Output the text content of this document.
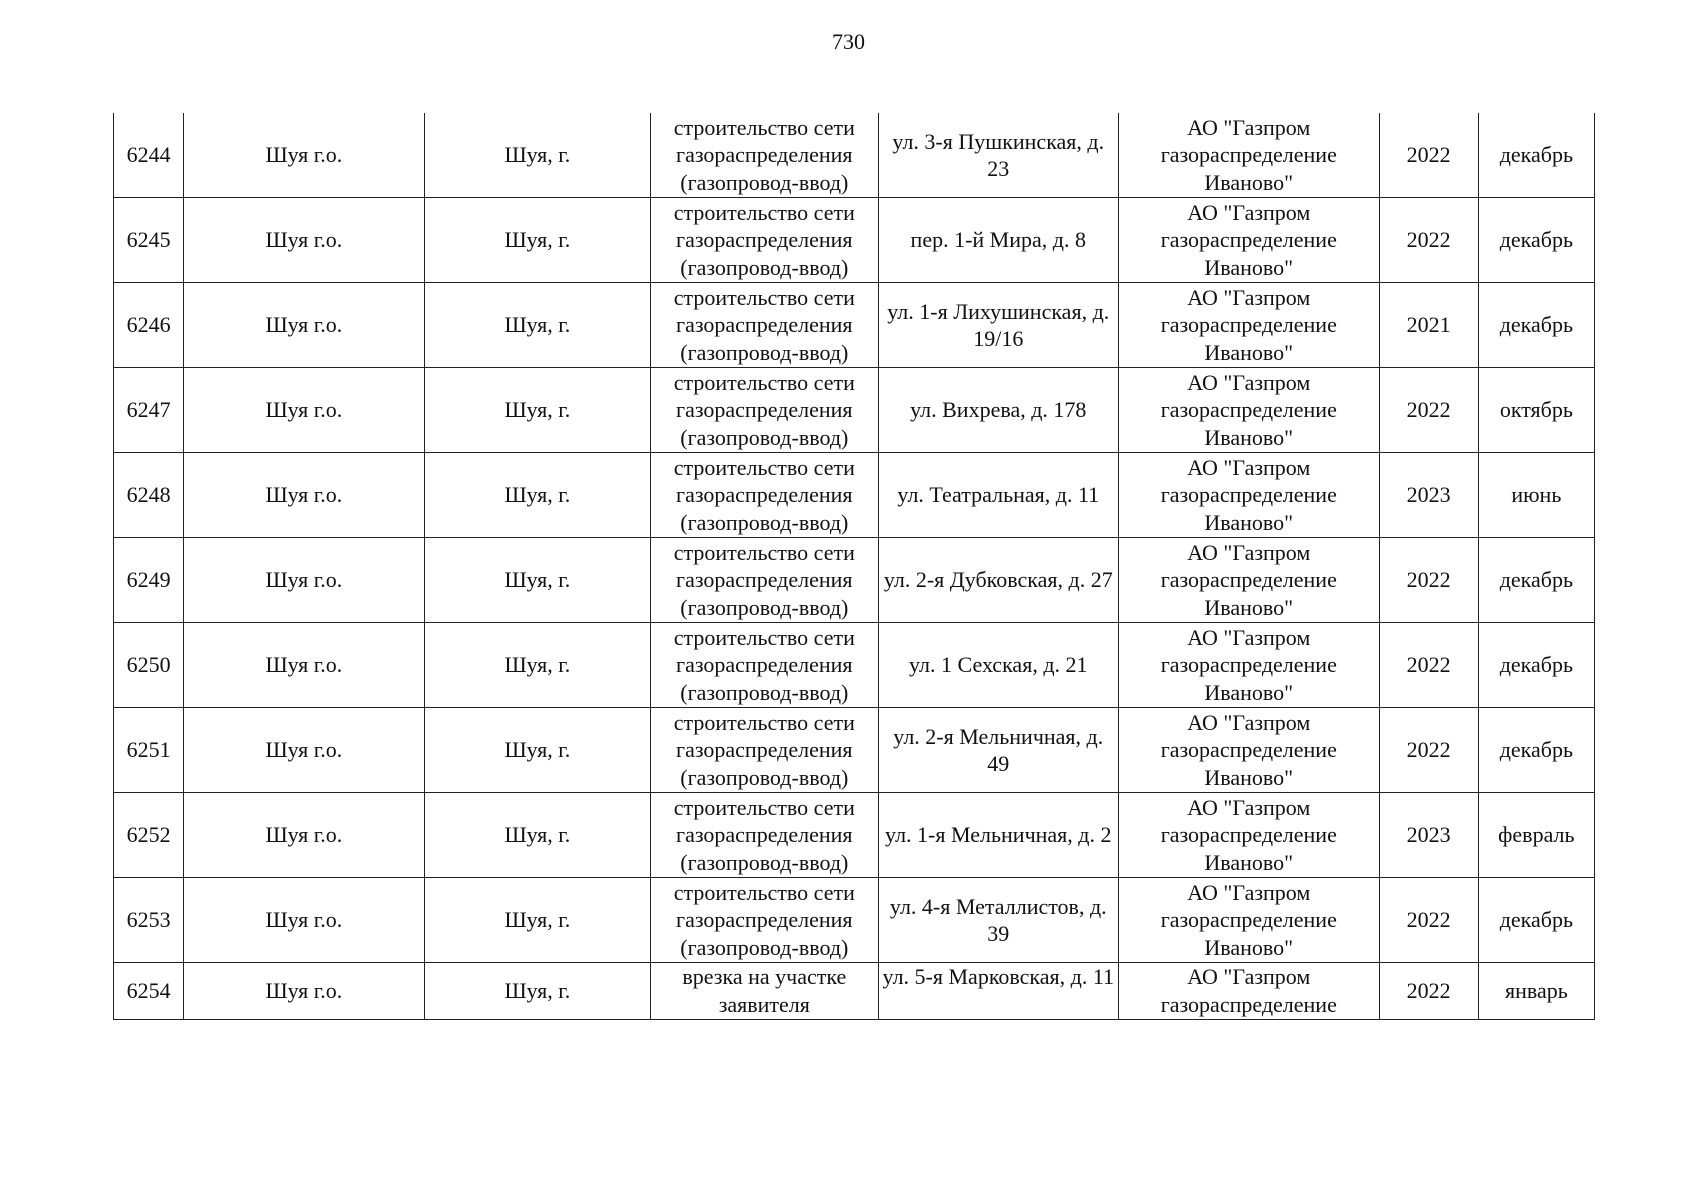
730
6244	Шуя г.о.	Шуя, г.	строительство сети газораспределения (газопровод-ввод)	ул. 3-я Пушкинская, д. 23	АО "Газпром газораспределение Иваново"	2022	декабрь
6245	Шуя г.о.	Шуя, г.	строительство сети газораспределения (газопровод-ввод)	пер. 1-й Мира, д. 8	АО "Газпром газораспределение Иваново"	2022	декабрь
6246	Шуя г.о.	Шуя, г.	строительство сети газораспределения (газопровод-ввод)	ул. 1-я Лихушинская, д. 19/16	АО "Газпром газораспределение Иваново"	2021	декабрь
6247	Шуя г.о.	Шуя, г.	строительство сети газораспределения (газопровод-ввод)	ул. Вихрева, д. 178	АО "Газпром газораспределение Иваново"	2022	октябрь
6248	Шуя г.о.	Шуя, г.	строительство сети газораспределения (газопровод-ввод)	ул. Театральная, д. 11	АО "Газпром газораспределение Иваново"	2023	июнь
6249	Шуя г.о.	Шуя, г.	строительство сети газораспределения (газопровод-ввод)	ул. 2-я Дубковская, д. 27	АО "Газпром газораспределение Иваново"	2022	декабрь
6250	Шуя г.о.	Шуя, г.	строительство сети газораспределения (газопровод-ввод)	ул. 1 Сехская, д. 21	АО "Газпром газораспределение Иваново"	2022	декабрь
6251	Шуя г.о.	Шуя, г.	строительство сети газораспределения (газопровод-ввод)	ул. 2-я Мельничная, д. 49	АО "Газпром газораспределение Иваново"	2022	декабрь
6252	Шуя г.о.	Шуя, г.	строительство сети газораспределения (газопровод-ввод)	ул. 1-я Мельничная, д. 2	АО "Газпром газораспределение Иваново"	2023	февраль
6253	Шуя г.о.	Шуя, г.	строительство сети газораспределения (газопровод-ввод)	ул. 4-я Металлистов, д. 39	АО "Газпром газораспределение Иваново"	2022	декабрь

6254	Шуя г.о.	Шуя, г.	врезка на участке заявителя	ул. 5-я Марковская, д. 11	АО "Газпром газораспределение	2022	январь
